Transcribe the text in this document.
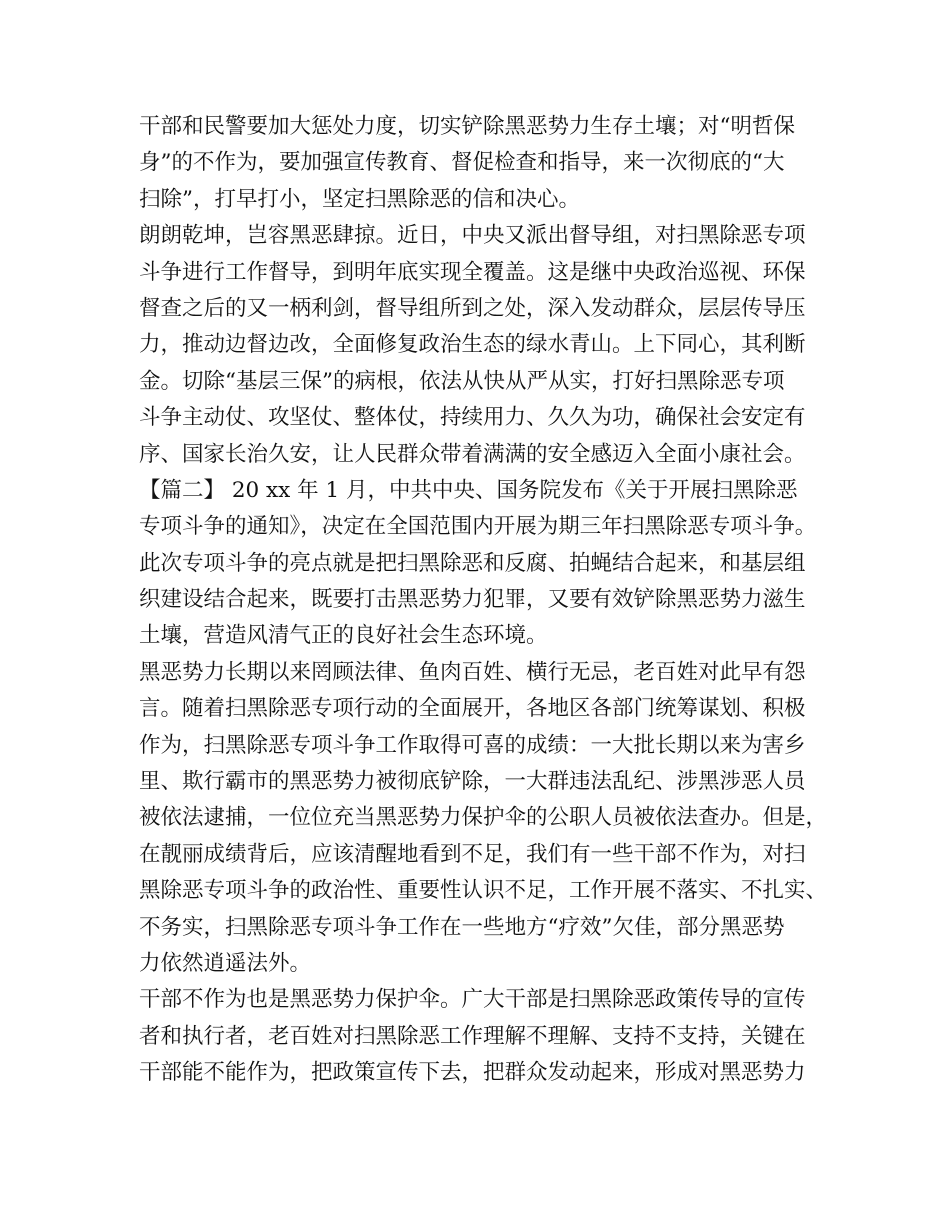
干部和民警要加大惩处力度，切实铲除黑恶势力生存土壤；对“明哲保
身”的不作为，要加强宣传教育、督促检查和指导，来一次彻底的“大
扫除”，打早打小，坚定扫黑除恶的信和决心。
朗朗乾坤，岂容黑恶肆掠。近日，中央又派出督导组，对扫黑除恶专项
斗争进行工作督导，到明年底实现全覆盖。这是继中央政治巡视、环保
督查之后的又一柄利剑，督导组所到之处，深入发动群众，层层传导压
力，推动边督边改，全面修复政治生态的绿水青山。上下同心，其利断
金。切除“基层三保”的病根，依法从快从严从实，打好扫黑除恶专项
斗争主动仗、攻坚仗、整体仗，持续用力、久久为功，确保社会安定有
序、国家长治久安，让人民群众带着满满的安全感迈入全面小康社会。
【篇二】 20 xx 年 1 月，中共中央、国务院发布《关于开展扫黑除恶
专项斗争的通知》，决定在全国范围内开展为期三年扫黑除恶专项斗争。
此次专项斗争的亮点就是把扫黑除恶和反腐、拍蝇结合起来，和基层组
织建设结合起来，既要打击黑恶势力犯罪，又要有效铲除黑恶势力滋生
土壤，营造风清气正的良好社会生态环境。
黑恶势力长期以来罔顾法律、鱼肉百姓、横行无忌，老百姓对此早有怨
言。随着扫黑除恶专项行动的全面展开，各地区各部门统筹谋划、积极
作为，扫黑除恶专项斗争工作取得可喜的成绩：一大批长期以来为害乡
里、欺行霸市的黑恶势力被彻底铲除，一大群违法乱纪、涉黑涉恶人员
被依法逮捕，一位位充当黑恶势力保护伞的公职人员被依法查办。但是，
在靓丽成绩背后，应该清醒地看到不足，我们有一些干部不作为，对扫
黑除恶专项斗争的政治性、重要性认识不足，工作开展不落实、不扎实、
不务实，扫黑除恶专项斗争工作在一些地方“疗效”欠佳，部分黑恶势
力依然逍遥法外。
干部不作为也是黑恶势力保护伞。广大干部是扫黑除恶政策传导的宣传
者和执行者，老百姓对扫黑除恶工作理解不理解、支持不支持，关键在
干部能不能作为，把政策宣传下去，把群众发动起来，形成对黑恶势力
